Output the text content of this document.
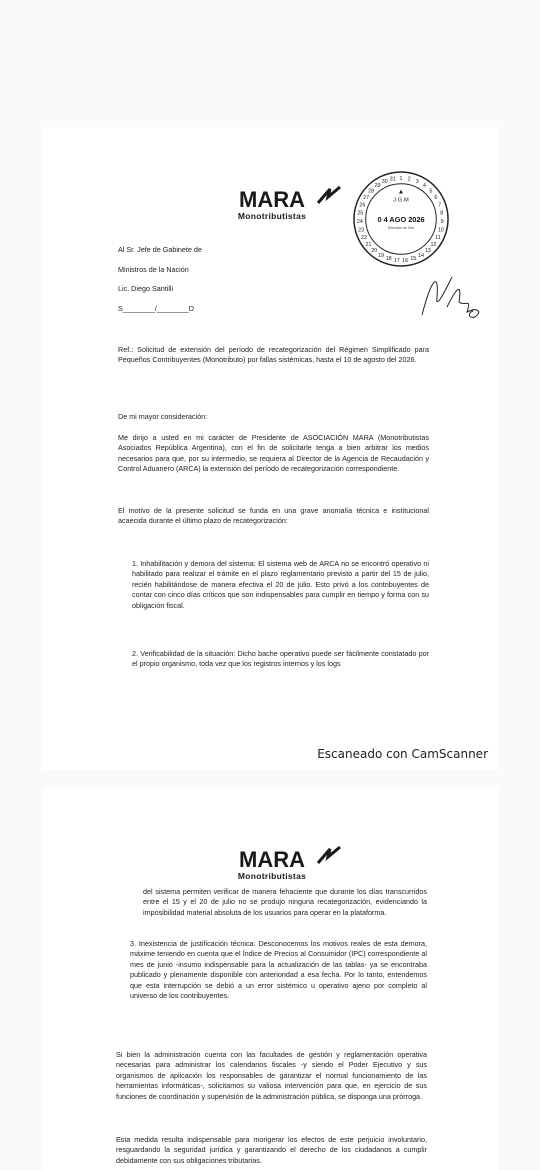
MARA
Monotributistas
1 2 3
4
5
6
7
8
9
10
11
12
13
14
15
16
17
18
19
20
21
22
23
24
25
26
27
28
29
30 31
J.G.M
0 4 AGO 2026
Dirección de Gob
Al Sr. Jefe de Gabinete de
Ministros de la Nación
Lic. Diego Santilli
S________/________D
Ref.: Solicitud de extensión del período de recategorización del Régimen Simplificado para Pequeños Contribuyentes (Monotributo) por fallas sistémicas, hasta el 10 de agosto del 2026.
De mi mayor consideración:
Me dirijo a usted en mi carácter de Presidente de ASOCIACIÓN MARA (Monotributistas Asociados República Argentina), con el fin de solicitarle tenga a bien arbitrar los medios necesarios para que, por su intermedio, se requiera al Director de la Agencia de Recaudación y Control Aduanero (ARCA) la extensión del período de recategorización correspondiente.
El motivo de la presente solicitud se funda en una grave anomalía técnica e institucional acaecida durante el último plazo de recategorización:
1. Inhabilitación y demora del sistema: El sistema web de ARCA no se encontró operativo ni habilitado para realizar el trámite en el plazo reglamentario previsto a partir del 15 de julio, recién habilitándose de manera efectiva el 20 de julio. Esto privó a los contribuyentes de contar con cinco días críticos que son indispensables para cumplir en tiempo y forma con su obligación fiscal.
2. Verificabilidad de la situación: Dicho bache operativo puede ser fácilmente constatado por el propio organismo, toda vez que los registros internos y los logs
Escaneado con CamScanner
MARA
Monotributistas
del sistema permiten verificar de manera fehaciente que durante los días transcurridos entre el 15 y el 20 de julio no se produjo ninguna recategorización, evidenciando la imposibilidad material absoluta de los usuarios para operar en la plataforma.
3. Inexistencia de justificación técnica: Desconocemos los motivos reales de esta demora, máxime teniendo en cuenta que el Índice de Precios al Consumidor (IPC) correspondiente al mes de junio -insumo indispensable para la actualización de las tablas- ya se encontraba publicado y plenamente disponible con anterioridad a esa fecha. Por lo tanto, entendemos que esta interrupción se debió a un error sistémico u operativo ajeno por completo al universo de los contribuyentes.
Si bien la administración cuenta con las facultades de gestión y reglamentación operativa necesarias para administrar los calendarios fiscales -y siendo el Poder Ejecutivo y sus organismos de aplicación los responsables de garantizar el normal funcionamiento de las herramientas informáticas-, solicitamos su valiosa intervención para que, en ejercicio de sus funciones de coordinación y supervisión de la administración pública, se disponga una prórroga.
Esta medida resulta indispensable para morigerar los efectos de este perjuicio involuntario, resguardando la seguridad jurídica y garantizando el derecho de los ciudadanos a cumplir debidamente con sus obligaciones tributarias.
